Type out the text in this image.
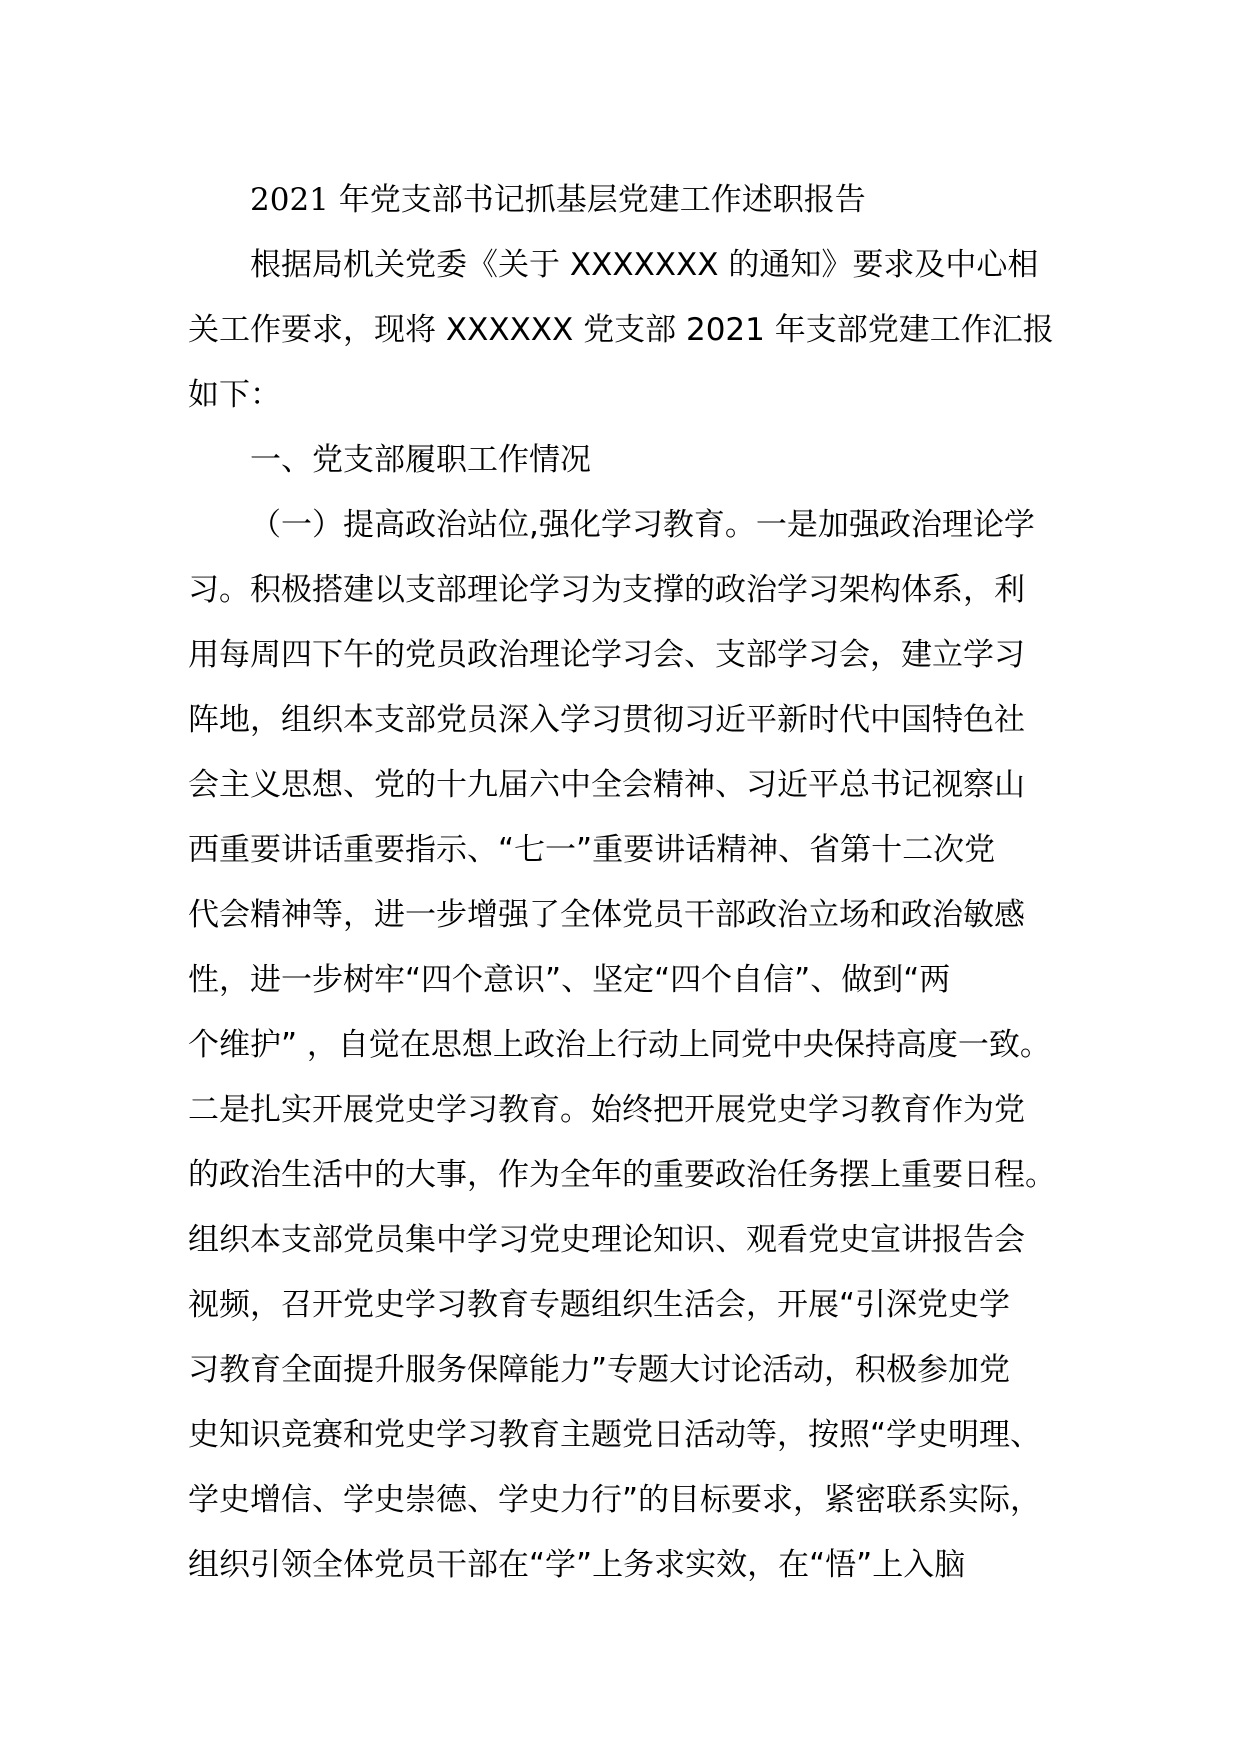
2021 年党支部书记抓基层党建工作述职报告
根据局机关党委《关于 XXXXXXX 的通知》要求及中心相
关工作要求，现将 XXXXXX 党支部 2021 年支部党建工作汇报
如下：
一、党支部履职工作情况
（一）提高政治站位,强化学习教育。一是加强政治理论学
习。积极搭建以支部理论学习为支撑的政治学习架构体系，利
用每周四下午的党员政治理论学习会、支部学习会，建立学习
阵地，组织本支部党员深入学习贯彻习近平新时代中国特色社
会主义思想、党的十九届六中全会精神、习近平总书记视察山
西重要讲话重要指示、“七一”重要讲话精神、省第十二次党
代会精神等，进一步增强了全体党员干部政治立场和政治敏感
性，进一步树牢“四个意识”、坚定“四个自信”、做到“两
个维护” ，自觉在思想上政治上行动上同党中央保持高度一致。
二是扎实开展党史学习教育。始终把开展党史学习教育作为党
的政治生活中的大事，作为全年的重要政治任务摆上重要日程。
组织本支部党员集中学习党史理论知识、观看党史宣讲报告会
视频，召开党史学习教育专题组织生活会，开展“引深党史学
习教育全面提升服务保障能力”专题大讨论活动，积极参加党
史知识竞赛和党史学习教育主题党日活动等，按照“学史明理、
学史增信、学史崇德、学史力行”的目标要求，紧密联系实际，
组织引领全体党员干部在“学”上务求实效，在“悟”上入脑
